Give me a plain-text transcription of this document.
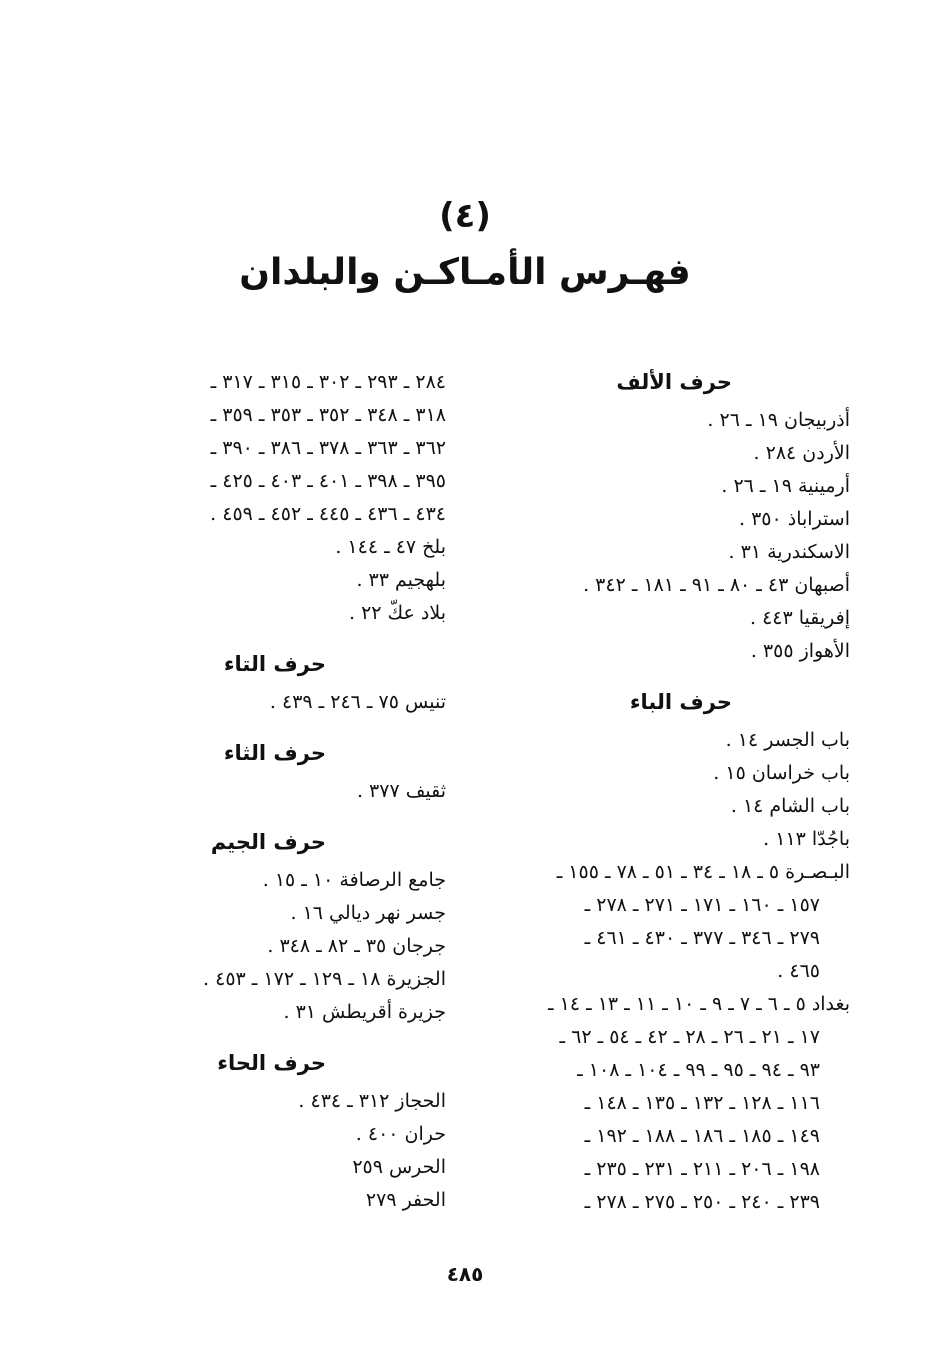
(٤)
فهـرس الأمـاكـن والبلدان
حرف الألف
أذربيجان ١٩ ـ ٢٦ .
الأردن ٢٨٤ .
أرمينية ١٩ ـ ٢٦ .
استراباذ ٣٥٠ .
الاسكندرية ٣١ .
أصبهان ٤٣ ـ ٨٠ ـ ٩١ ـ ١٨١ ـ ٣٤٢ .
إفريقيا ٤٤٣ .
الأهواز ٣٥٥ .
حرف الباء
باب الجسر ١٤ .
باب خراسان ١٥ .
باب الشام ١٤ .
باجُدّا ١١٣ .
البـصـرة ٥ ـ ١٨ ـ ٣٤ ـ ٥١ ـ ٧٨ ـ ١٥٥ ـ
١٥٧ ـ ١٦٠ ـ ١٧١ ـ ٢٧١ ـ ٢٧٨ ـ
٢٧٩ ـ ٣٤٦ ـ ٣٧٧ ـ ٤٣٠ ـ ٤٦١ ـ
٤٦٥ .
بغداد ٥ ـ ٦ ـ ٧ ـ ٩ ـ ١٠ ـ ١١ ـ ١٣ ـ ١٤ ـ
١٧ ـ ٢١ ـ ٢٦ ـ ٢٨ ـ ٤٢ ـ ٥٤ ـ ٦٢ ـ
٩٣ ـ ٩٤ ـ ٩٥ ـ ٩٩ ـ ١٠٤ ـ ١٠٨ ـ
١١٦ ـ ١٢٨ ـ ١٣٢ ـ ١٣٥ ـ ١٤٨ ـ
١٤٩ ـ ١٨٥ ـ ١٨٦ ـ ١٨٨ ـ ١٩٢ ـ
١٩٨ ـ ٢٠٦ ـ ٢١١ ـ ٢٣١ ـ ٢٣٥ ـ
٢٣٩ ـ ٢٤٠ ـ ٢٥٠ ـ ٢٧٥ ـ ٢٧٨ ـ
٢٨٤ ـ ٢٩٣ ـ ٣٠٢ ـ ٣١٥ ـ ٣١٧ ـ
٣١٨ ـ ٣٤٨ ـ ٣٥٢ ـ ٣٥٣ ـ ٣٥٩ ـ
٣٦٢ ـ ٣٦٣ ـ ٣٧٨ ـ ٣٨٦ ـ ٣٩٠ ـ
٣٩٥ ـ ٣٩٨ ـ ٤٠١ ـ ٤٠٣ ـ ٤٢٥ ـ
٤٣٤ ـ ٤٣٦ ـ ٤٤٥ ـ ٤٥٢ ـ ٤٥٩ .
بلخ ٤٧ ـ ١٤٤ .
بلهجيم ٣٣ .
بلاد عكّ ٢٢ .
حرف التاء
تنيس ٧٥ ـ ٢٤٦ ـ ٤٣٩ .
حرف الثاء
ثقيف ٣٧٧ .
حرف الجيم
جامع الرصافة ١٠ ـ ١٥ .
جسر نهر ديالي ١٦ .
جرجان ٣٥ ـ ٨٢ ـ ٣٤٨ .
الجزيرة ١٨ ـ ١٢٩ ـ ١٧٢ ـ ٤٥٣ .
جزيرة أقريطش ٣١ .
حرف الحاء
الحجاز ٣١٢ ـ ٤٣٤ .
حران ٤٠٠ .
الحرس ٢٥٩
الحفر ٢٧٩
٤٨٥
